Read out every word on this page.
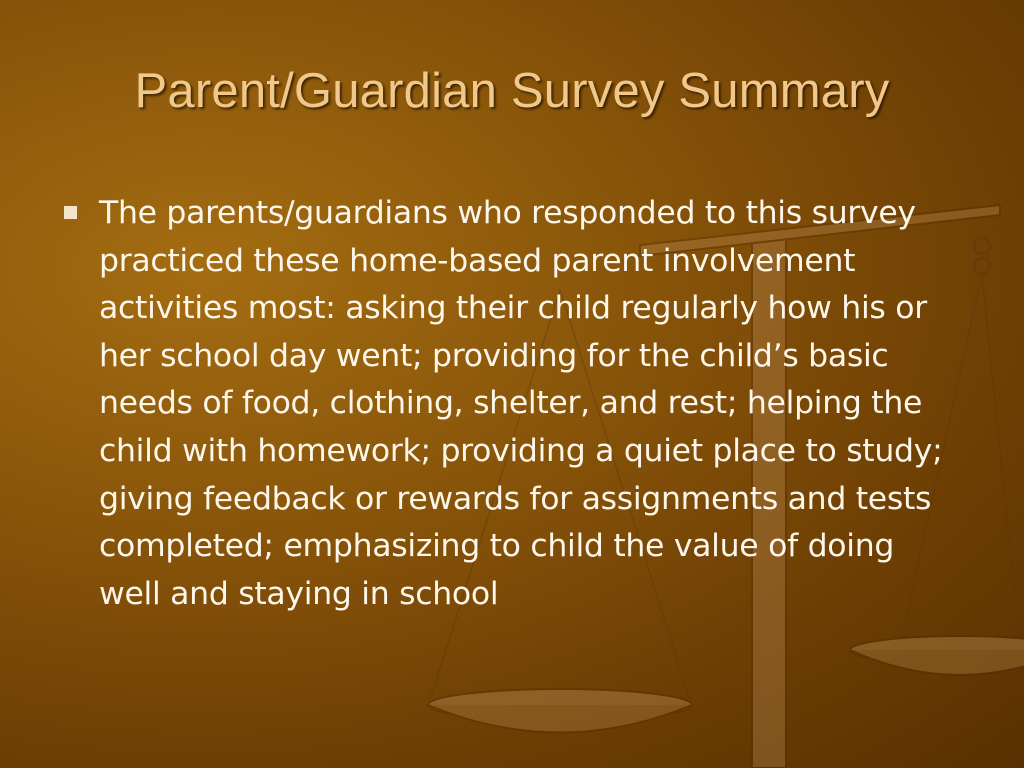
Parent/Guardian Survey Summary
The parents/guardians who responded to this survey practiced these home-based parent involvement activities most: asking their child regularly how his or her school day went; providing for the child’s basic needs of food, clothing, shelter, and rest; helping the child with homework; providing a quiet place to study; giving feedback or rewards for assignments and tests completed; emphasizing to child the value of doing well and staying in school
